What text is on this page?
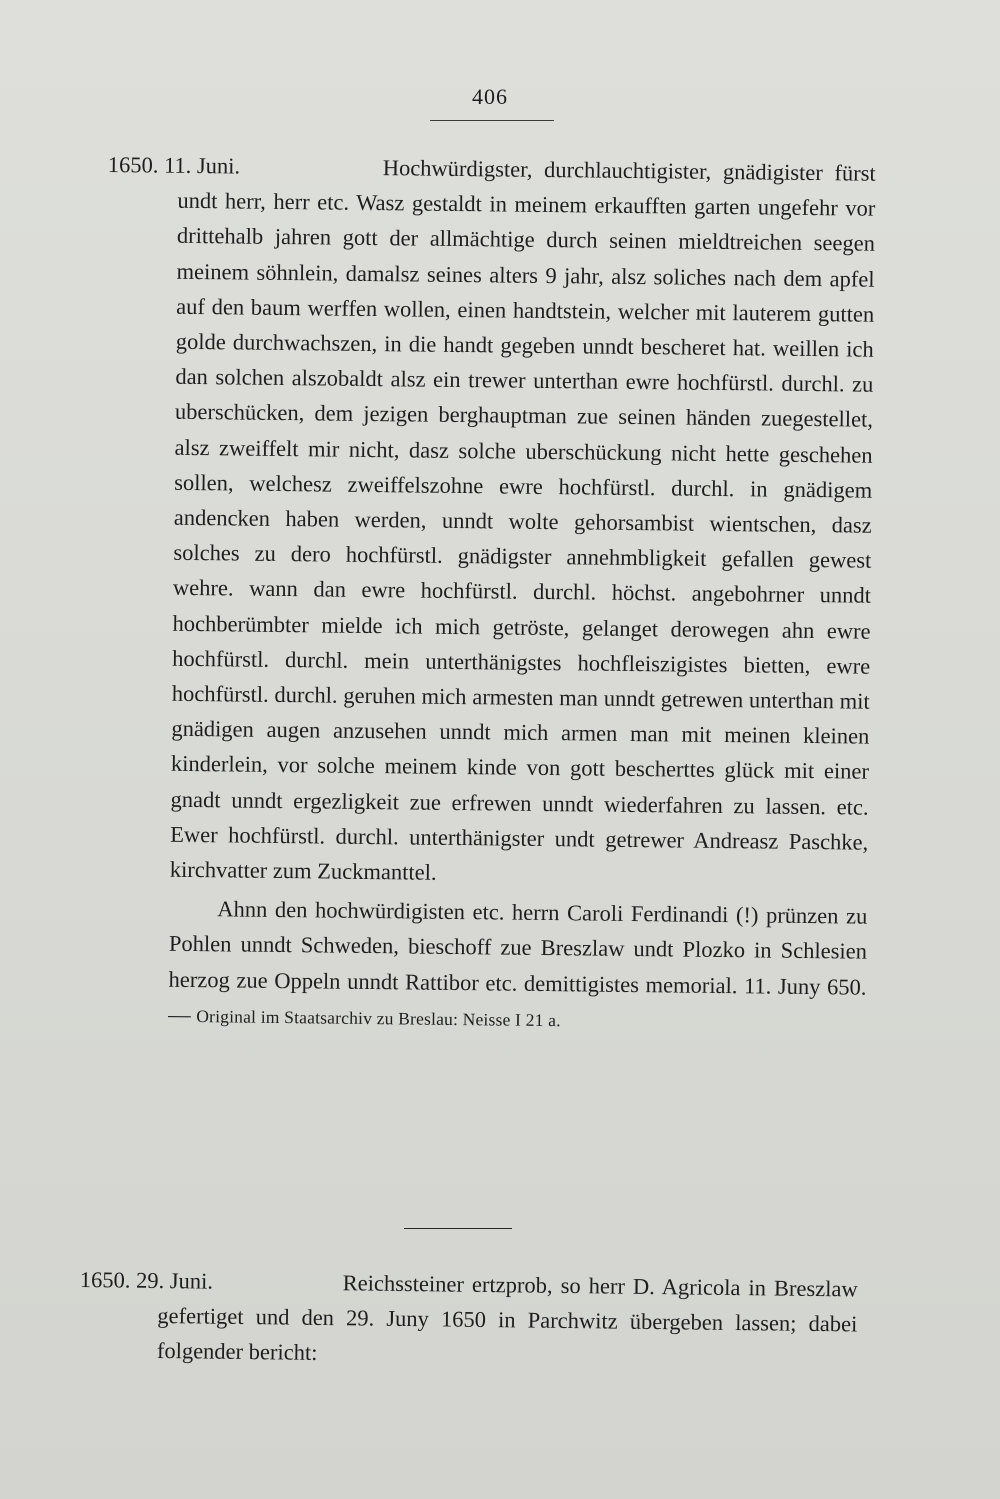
406
1650. 11. Juni.	Hochwürdigster, durchlauchtigister, gnädigister fürst undt herr, herr etc. Wasz gestaldt in meinem erkaufften garten ungefehr vor drittehalb jahren gott der allmächtige durch seinen mieldtreichen seegen meinem söhnlein, damalsz seines alters 9 jahr, alsz soliches nach dem apfel auf den baum werffen wollen, einen handtstein, welcher mit lauterem gutten golde durchwachszen, in die handt gegeben unndt bescheret hat. weillen ich dan solchen alszobaldt alsz ein trewer unterthan ewre hochfürstl. durchl. zu uberschücken, dem jezigen berghauptman zue seinen händen zuegestellet, alsz zweiffelt mir nicht, dasz solche uberschückung nicht hette geschehen sollen, welchesz zweiffelszohne ewre hochfürstl. durchl. in gnädigem andencken haben werden, unndt wolte gehorsambist wientschen, dasz solches zu dero hochfürstl. gnädigster annehmbligkeit gefallen gewest wehre. wann dan ewre hochfürstl. durchl. höchst. angebohrner unndt hochberümbter mielde ich mich getröste, gelanget derowegen ahn ewre hochfürstl. durchl. mein unterthänigstes hochfleiszigistes bietten, ewre hochfürstl. durchl. geruhen mich armesten man unndt getrewen unterthan mit gnädigen augen anzusehen unndt mich armen man mit meinen kleinen kinderlein, vor solche meinem kinde von gott bescherttes glück mit einer gnadt unndt ergezligkeit zue erfrewen unndt wiederfahren zu lassen. etc. Ewer hochfürstl. durchl. unterthänigster undt getrewer Andreasz Paschke, kirchvatter zum Zuckmanttel.

Ahnn den hochwürdigisten etc. herrn Caroli Ferdinandi (!) prünzen zu Pohlen unndt Schweden, bieschoff zue Breszlaw undt Plozko in Schlesien herzog zue Oppeln unndt Rattibor etc. demittigistes memorial. 11. Juny 650. — Original im Staatsarchiv zu Breslau: Neisse I 21 a.

1650. 29. Juni.	Reichssteiner ertzprob, so herr D. Agricola in Breszlaw gefertiget und den 29. Juny 1650 in Parchwitz übergeben lassen; dabei folgender bericht:
